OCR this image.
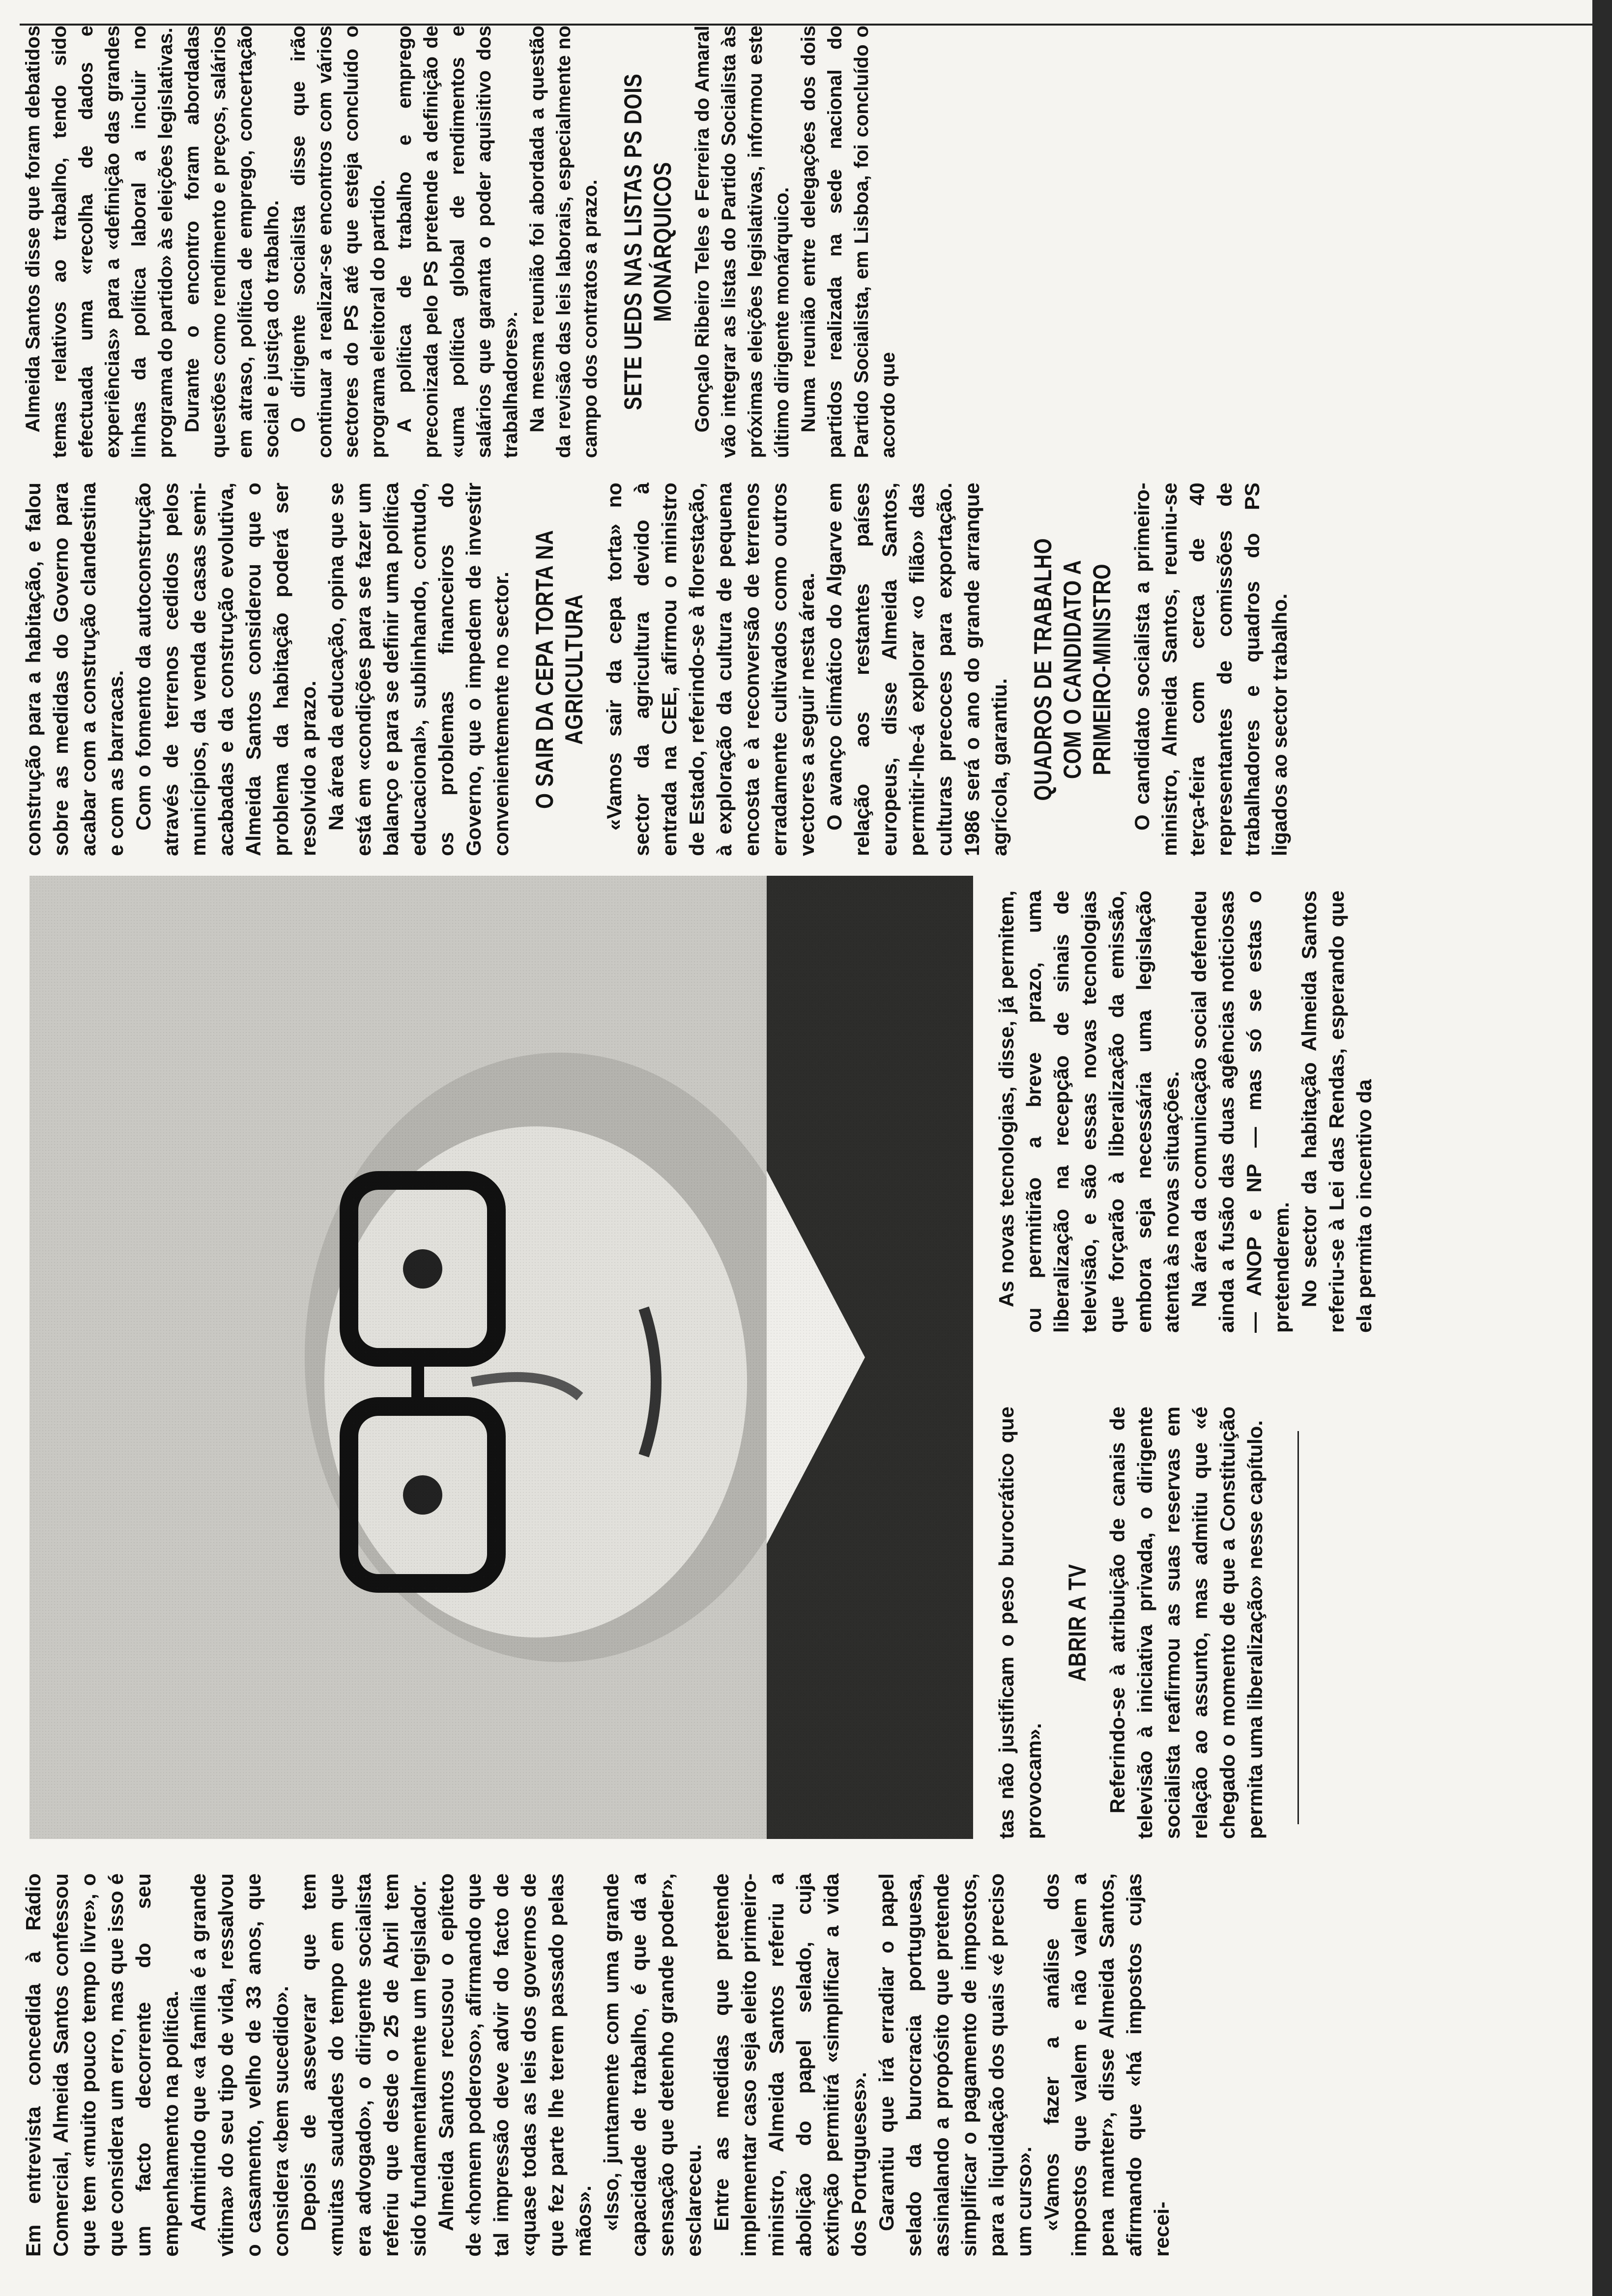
Em entrevista concedida à Rádio Comercial, Almeida Santos confessou que tem «muito pouco tempo livre», o que considera um erro, mas que isso é um facto decorrente do seu empenhamento na política. Admitindo que «a família é a grande vítima» do seu tipo de vida, ressalvou o casamento, velho de 33 anos, que considera «bem sucedido». Depois de asseverar que tem «muitas saudades do tempo em que era advogado», o dirigente socialista referiu que desde o 25 de Abril tem sido fundamentalmente um legislador. Almeida Santos recusou o epíteto de «homem poderoso», afirmando que tal impressão deve advir do facto de «quase todas as leis dos governos de que fez parte lhe terem passado pelas mãos». «Isso, juntamente com uma grande capacidade de trabalho, é que dá a sensação que detenho grande poder», esclareceu. Entre as medidas que pretende implementar caso seja eleito primeiro-ministro, Almeida Santos referiu a abolição do papel selado, cuja extinção permitirá «simplificar a vida dos Portugueses». Garantiu que irá erradiar o papel selado da burocracia portuguesa, assinalando a propósito que pretende simplificar o pagamento de impostos, para a liquidação dos quais «é preciso um curso». «Vamos fazer a análise dos impostos que valem e não valem a pena manter», disse Almeida Santos, afirmando que «há impostos cujas recei-

tas não justificam o peso burocrático que provocam».

ABRIR A TV Referindo-se à atribuição de canais de televisão à iniciativa privada, o dirigente socialista reafirmou as suas reservas em relação ao assunto, mas admitiu que «é chegado o momento de que a Constituição permita uma liberalização» nesse capítulo.

As novas tecnologias, disse, já permitem, ou permitirão a breve prazo, uma liberalização na recepção de sinais de televisão, e são essas novas tecnologias que forçarão à liberalização da emissão, embora seja necessária uma legislação atenta às novas situações. Na área da comunicação social defendeu ainda a fusão das duas agências noticiosas — ANOP e NP — mas só se estas o pretenderem. No sector da habitação Almeida Santos referiu-se à Lei das Rendas, esperando que ela permita o incentivo da

construção para a habitação, e falou sobre as medidas do Governo para acabar com a construção clandestina e com as barracas. Com o fomento da autoconstrução através de terrenos cedidos pelos municípios, da venda de casas semi-acabadas e da construção evolutiva, Almeida Santos considerou que o problema da habitação poderá ser resolvido a prazo. Na área da educação, opina que se está em «condições para se fazer um balanço e para se definir uma política educacional», sublinhando, contudo, os problemas financeiros do Governo, que o impedem de investir convenientemente no sector. O SAIR DA CEPA TORTA NA AGRICULTURA «Vamos sair da cepa torta» no sector da agricultura devido à entrada na CEE, afirmou o ministro de Estado, referindo-se à florestação, à exploração da cultura de pequena encosta e à reconversão de terrenos erradamente cultivados como outros vectores a seguir nesta área. O avanço climático do Algarve em relação aos restantes países europeus, disse Almeida Santos, permitir-lhe-á explorar «o filão» das culturas precoces para exportação. 1986 será o ano do grande arranque agrícola, garantiu. QUADROS DE TRABALHO COM O CANDIDATO A PRIMEIRO-MINISTRO O candidato socialista a primeiro-ministro, Almeida Santos, reuniu-se terça-feira com cerca de 40 representantes de comissões de trabalhadores e quadros do PS ligados ao sector trabalho.

Almeida Santos disse que foram debatidos temas relativos ao trabalho, tendo sido efectuada uma «recolha de dados e experiências» para a «definição das grandes linhas da política laboral a incluir no programa do partido» às eleições legislativas. Durante o encontro foram abordadas questões como rendimento e preços, salários em atraso, política de emprego, concertação social e justiça do trabalho. O dirigente socialista disse que irão continuar a realizar-se encontros com vários sectores do PS até que esteja concluído o programa eleitoral do partido. A política de trabalho e emprego preconizada pelo PS pretende a definição de «uma política global de rendimentos e salários que garanta o poder aquisitivo dos trabalhadores». Na mesma reunião foi abordada a questão da revisão das leis laborais, especialmente no campo dos contratos a prazo. SETE UEDS NAS LISTAS PS DOIS MONÁRQUICOS Gonçalo Ribeiro Teles e Ferreira do Amaral vão integrar as listas do Partido Socialista às próximas eleições legislativas, informou este último dirigente monárquico. Numa reunião entre delegações dos dois partidos realizada na sede nacional do Partido Socialista, em Lisboa, foi concluído o acordo que
